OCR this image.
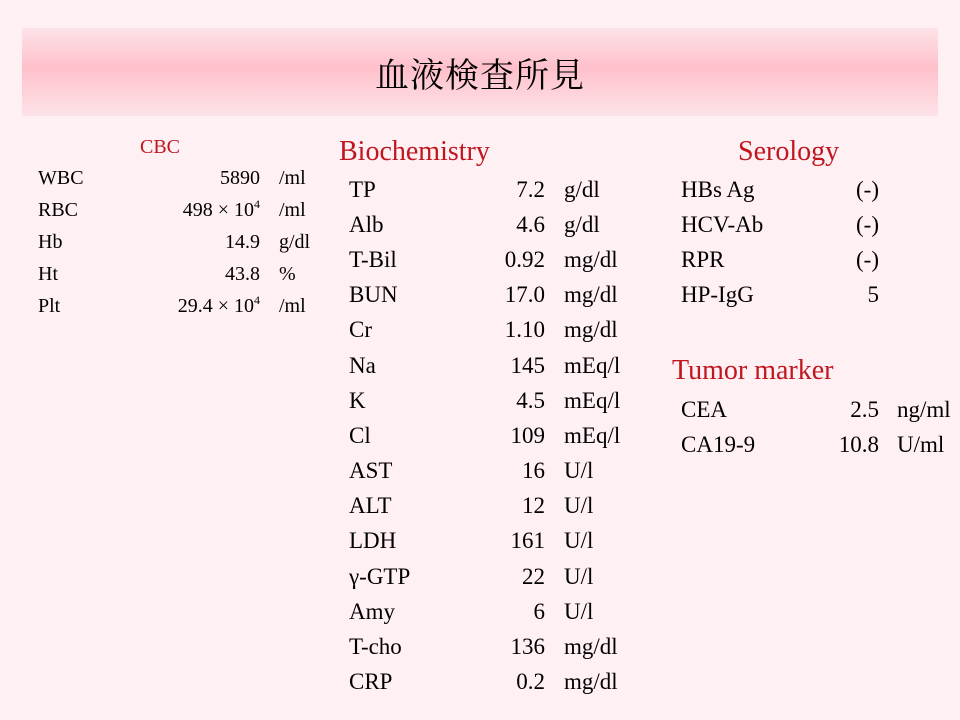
血液検査所見
CBC
WBC	5890	/ml
RBC	$498 \times 10^4$	/ml
Hb	14.9	g/dl
Ht	43.8	%
Plt	$29.4 \times 10^4$	/ml
Biochemistry
TP	7.2	g/dl
Alb	4.6	g/dl
T-Bil	0.92	mg/dl
BUN	17.0	mg/dl
Cr	1.10	mg/dl
Na	145	mEq/l
K	4.5	mEq/l
Cl	109	mEq/l
AST	16	U/l
ALT	12	U/l
LDH	161	U/l
γ-GTP	22	U/l
Amy	6	U/l
T-cho	136	mg/dl
CRP	0.2	mg/dl
Serology
HBs Ag	(-)
HCV-Ab	(-)
RPR	(-)
HP-IgG	5
Tumor marker
CEA	2.5	ng/ml
CA19-9	10.8	U/ml
